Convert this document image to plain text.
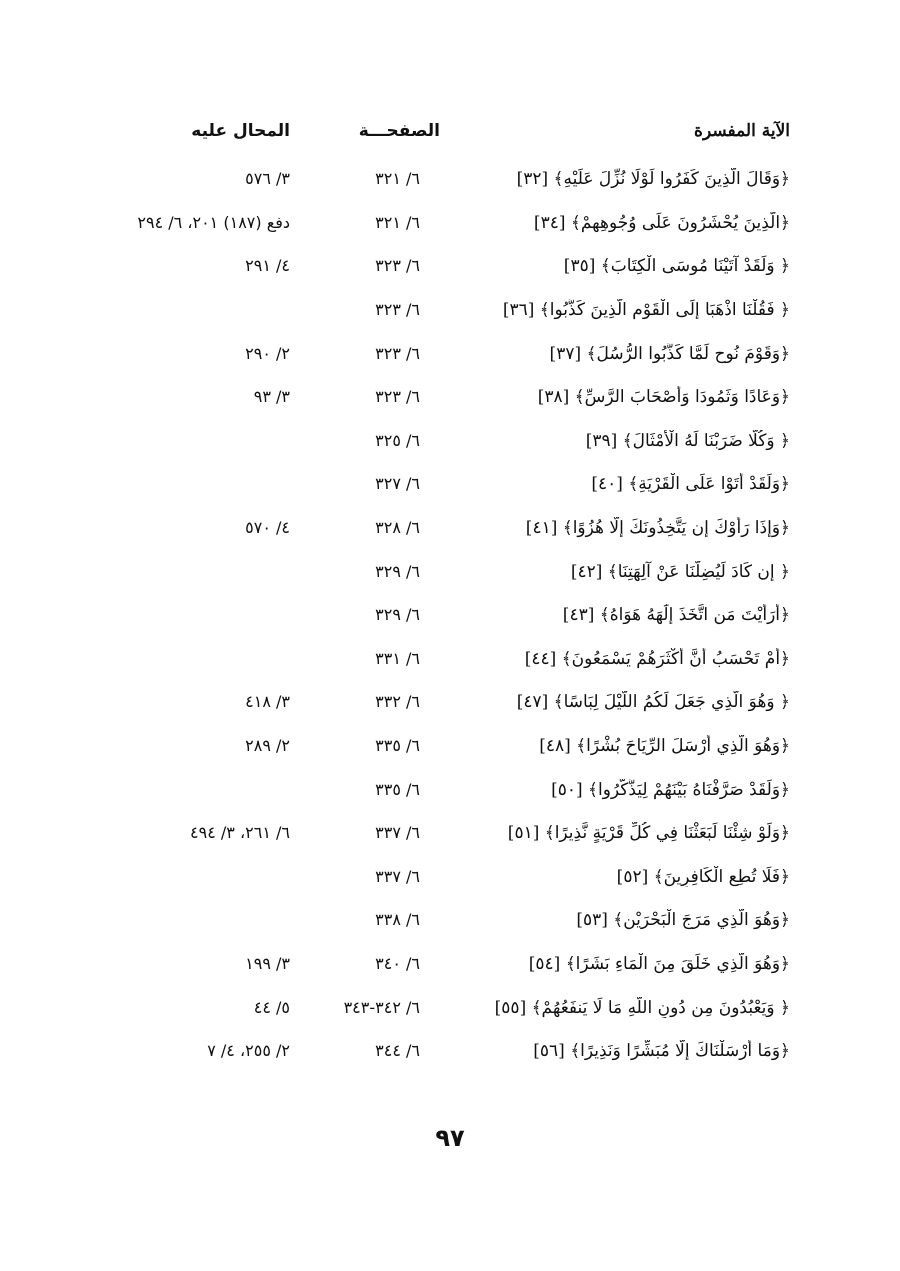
الآية المفسرة
الصفحـــة
المحال عليه
﴿وَقَالَ الَّذِينَ كَفَرُوا لَوْلَا نُزِّلَ عَلَيْهِ﴾ [٣٢]
٦/ ٣٢١
٣/ ٥٧٦
﴿الَّذِينَ يُحْشَرُونَ عَلَى وُجُوهِهِمْ﴾ [٣٤]
٦/ ٣٢١
دفع (١٨٧) ٢٠١، ٦/ ٢٩٤
﴿ وَلَقَدْ آتَيْنَا مُوسَى الْكِتَابَ﴾ [٣٥]
٦/ ٣٢٣
٤/ ٢٩١
﴿ فَقُلْنَا اذْهَبَا إِلَى الْقَوْمِ الَّذِينَ كَذَّبُوا﴾ [٣٦]
٦/ ٣٢٣
﴿وَقَوْمَ نُوحٍ لَمَّا كَذَّبُوا الرُّسُلَ﴾ [٣٧]
٦/ ٣٢٣
٢/ ٢٩٠
﴿وَعَادًا وَثَمُودَا وَأَصْحَابَ الرَّسِّ﴾ [٣٨]
٦/ ٣٢٣
٣/ ٩٣
﴿ وَكُلًّا ضَرَبْنَا لَهُ الْأَمْثَالَ﴾ [٣٩]
٦/ ٣٢٥
﴿وَلَقَدْ أَتَوْا عَلَى الْقَرْيَةِ﴾ [٤٠]
٦/ ٣٢٧
﴿وَإِذَا رَأَوْكَ إِن يَتَّخِذُونَكَ إِلَّا هُزُوًا﴾ [٤١]
٦/ ٣٢٨
٤/ ٥٧٠
﴿ إِن كَادَ لَيُضِلُّنَا عَنْ آلِهَتِنَا﴾ [٤٢]
٦/ ٣٢٩
﴿أَرَأَيْتَ مَنِ اتَّخَذَ إِلَٰهَهُ هَوَاهُ﴾ [٤٣]
٦/ ٣٢٩
﴿أَمْ تَحْسَبُ أَنَّ أَكْثَرَهُمْ يَسْمَعُونَ﴾ [٤٤]
٦/ ٣٣١
﴿ وَهُوَ الَّذِي جَعَلَ لَكُمُ اللَّيْلَ لِبَاسًا﴾ [٤٧]
٦/ ٣٣٢
٣/ ٤١٨
﴿وَهُوَ الَّذِي أَرْسَلَ الرِّيَاحَ بُشْرًا﴾ [٤٨]
٦/ ٣٣٥
٢/ ٢٨٩
﴿وَلَقَدْ صَرَّفْنَاهُ بَيْنَهُمْ لِيَذَّكَّرُوا﴾ [٥٠]
٦/ ٣٣٥
﴿وَلَوْ شِئْنَا لَبَعَثْنَا فِي كُلِّ قَرْيَةٍ نَّذِيرًا﴾ [٥١]
٦/ ٣٣٧
٦/ ٢٦١، ٣/ ٤٩٤
﴿فَلَا تُطِعِ الْكَافِرِينَ﴾ [٥٢]
٦/ ٣٣٧
﴿وَهُوَ الَّذِي مَرَجَ الْبَحْرَيْنِ﴾ [٥٣]
٦/ ٣٣٨
﴿وَهُوَ الَّذِي خَلَقَ مِنَ الْمَاءِ بَشَرًا﴾ [٥٤]
٦/ ٣٤٠
٣/ ١٩٩
﴿ وَيَعْبُدُونَ مِن دُونِ اللَّهِ مَا لَا يَنفَعُهُمْ﴾ [٥٥]
٦/ ٣٤٢-٣٤٣
٥/ ٤٤
﴿وَمَا أَرْسَلْنَاكَ إِلَّا مُبَشِّرًا وَنَذِيرًا﴾ [٥٦]
٦/ ٣٤٤
٢/ ٢٥٥، ٤/ ٧
٩٧
